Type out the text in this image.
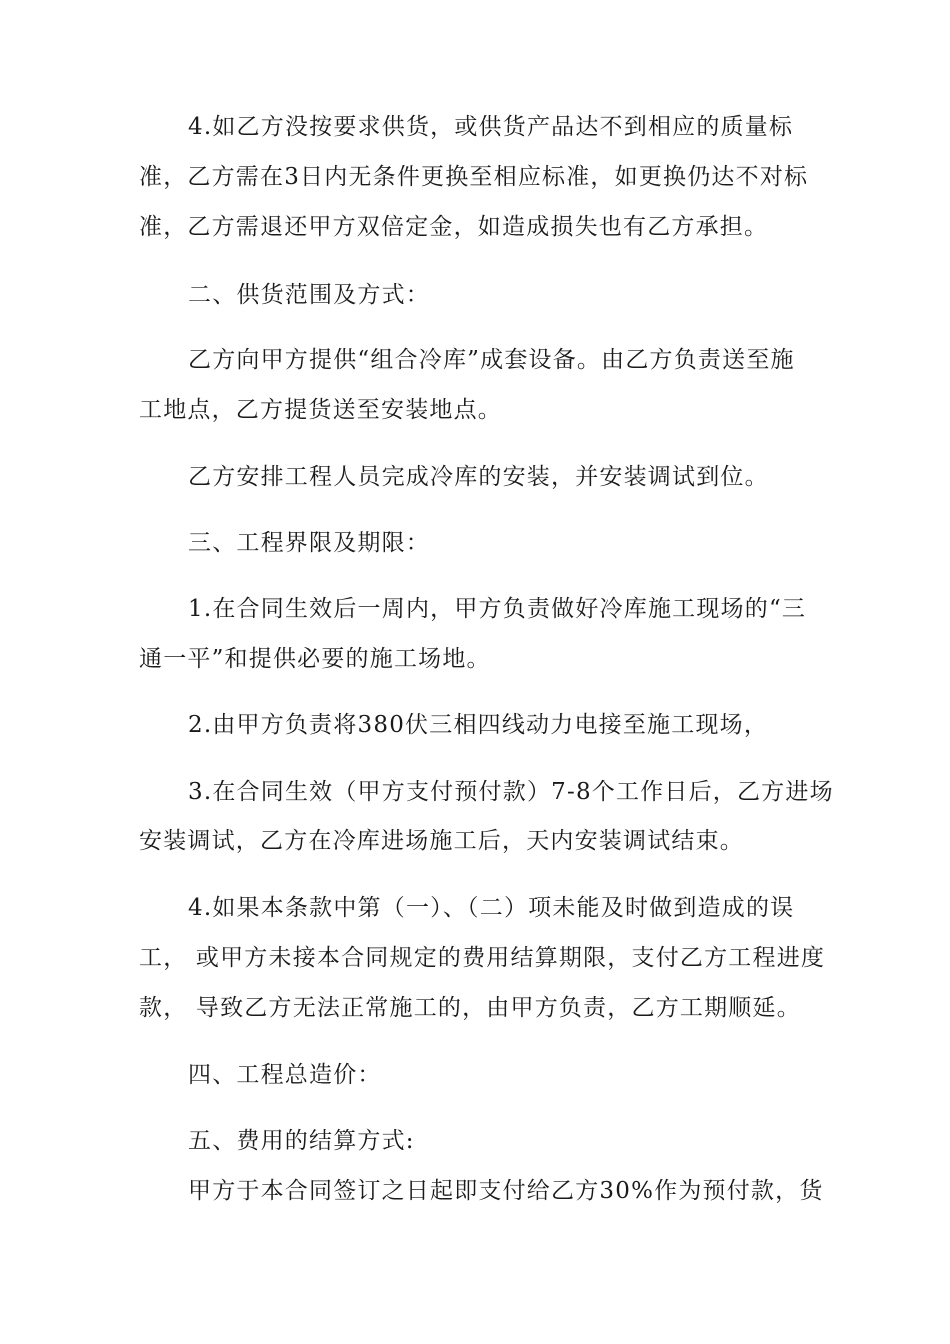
4.如乙方没按要求供货，或供货产品达不到相应的质量标
准，乙方需在3日内无条件更换至相应标准，如更换仍达不对标
准，乙方需退还甲方双倍定金，如造成损失也有乙方承担。
二、供货范围及方式：
乙方向甲方提供“组合冷库”成套设备。由乙方负责送至施
工地点，乙方提货送至安装地点。
乙方安排工程人员完成冷库的安装，并安装调试到位。
三、工程界限及期限：
1.在合同生效后一周内，甲方负责做好冷库施工现场的“三
通一平”和提供必要的施工场地。
2.由甲方负责将380伏三相四线动力电接至施工现场，
3.在合同生效（甲方支付预付款）7-8个工作日后，乙方进场
安装调试，乙方在冷库进场施工后，天内安装调试结束。
4.如果本条款中第（一）、（二）项未能及时做到造成的误
工， 或甲方未接本合同规定的费用结算期限，支付乙方工程进度
款， 导致乙方无法正常施工的，由甲方负责，乙方工期顺延。
四、工程总造价：
五、费用的结算方式:
甲方于本合同签订之日起即支付给乙方30%作为预付款，货
